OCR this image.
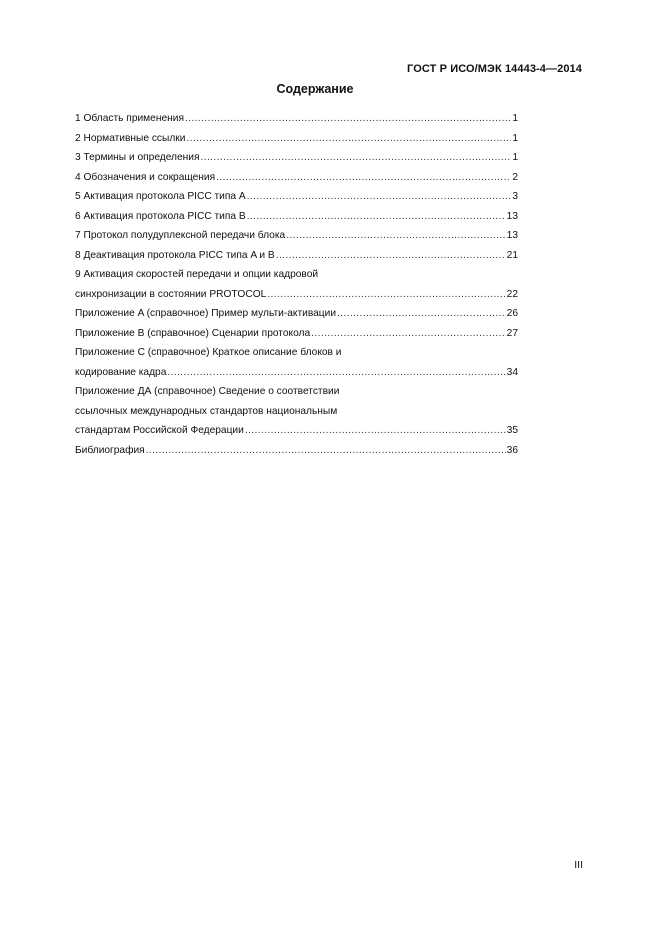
ГОСТ Р ИСО/МЭК 14443-4—2014
Содержание
1 Область применения .....	1
2 Нормативные ссылки .....	1
3 Термины и определения .....	1
4 Обозначения и сокращения .....	2
5 Активация протокола PICC типа A .....	3
6 Активация протокола PICC типа B .....	13
7 Протокол полудуплексной передачи блока .....	13
8 Деактивация протокола PICC типа A и B .....	21
9 Активация скоростей передачи и опции кадровой
синхронизации в состоянии PROTOCOL .....	22
Приложение A (справочное) Пример мульти-активации .....	26
Приложение B (справочное) Сценарии протокола .....	27
Приложение C (справочное) Краткое описание блоков и
кодирование кадра .....	34
Приложение ДА (справочное) Сведение о соответствии
ссылочных международных стандартов национальным
стандартам Российской Федерации .....	35
Библиография .....	36
III
